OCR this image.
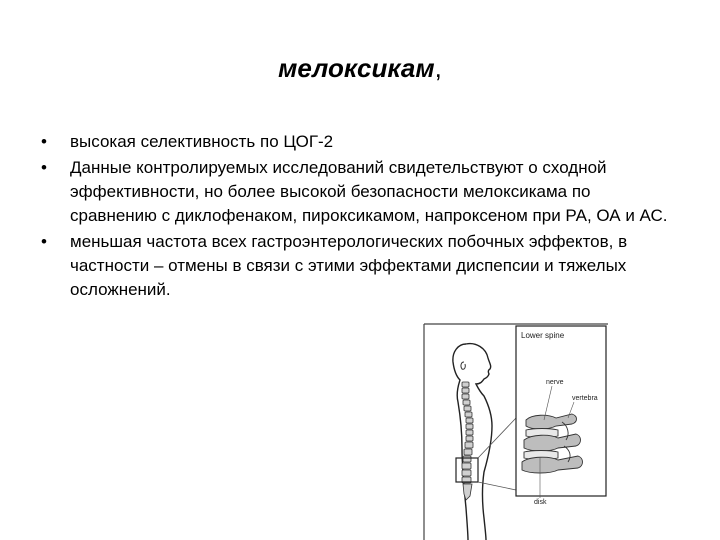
мелоксикам,
• высокая селективность по ЦОГ-2
• Данные контролируемых исследований свидетельствуют о сходной эффективности, но более высокой безопасности мелоксикама по сравнению с диклофенаком, пироксикамом, напроксеном при РА, ОА и АС.
• меньшая частота всех гастроэнтерологических побочных эффектов, в частности – отмены в связи с этими эффектами диспепсии и тяжелых осложнений.
Lower spine
nerve
vertebra
disk
